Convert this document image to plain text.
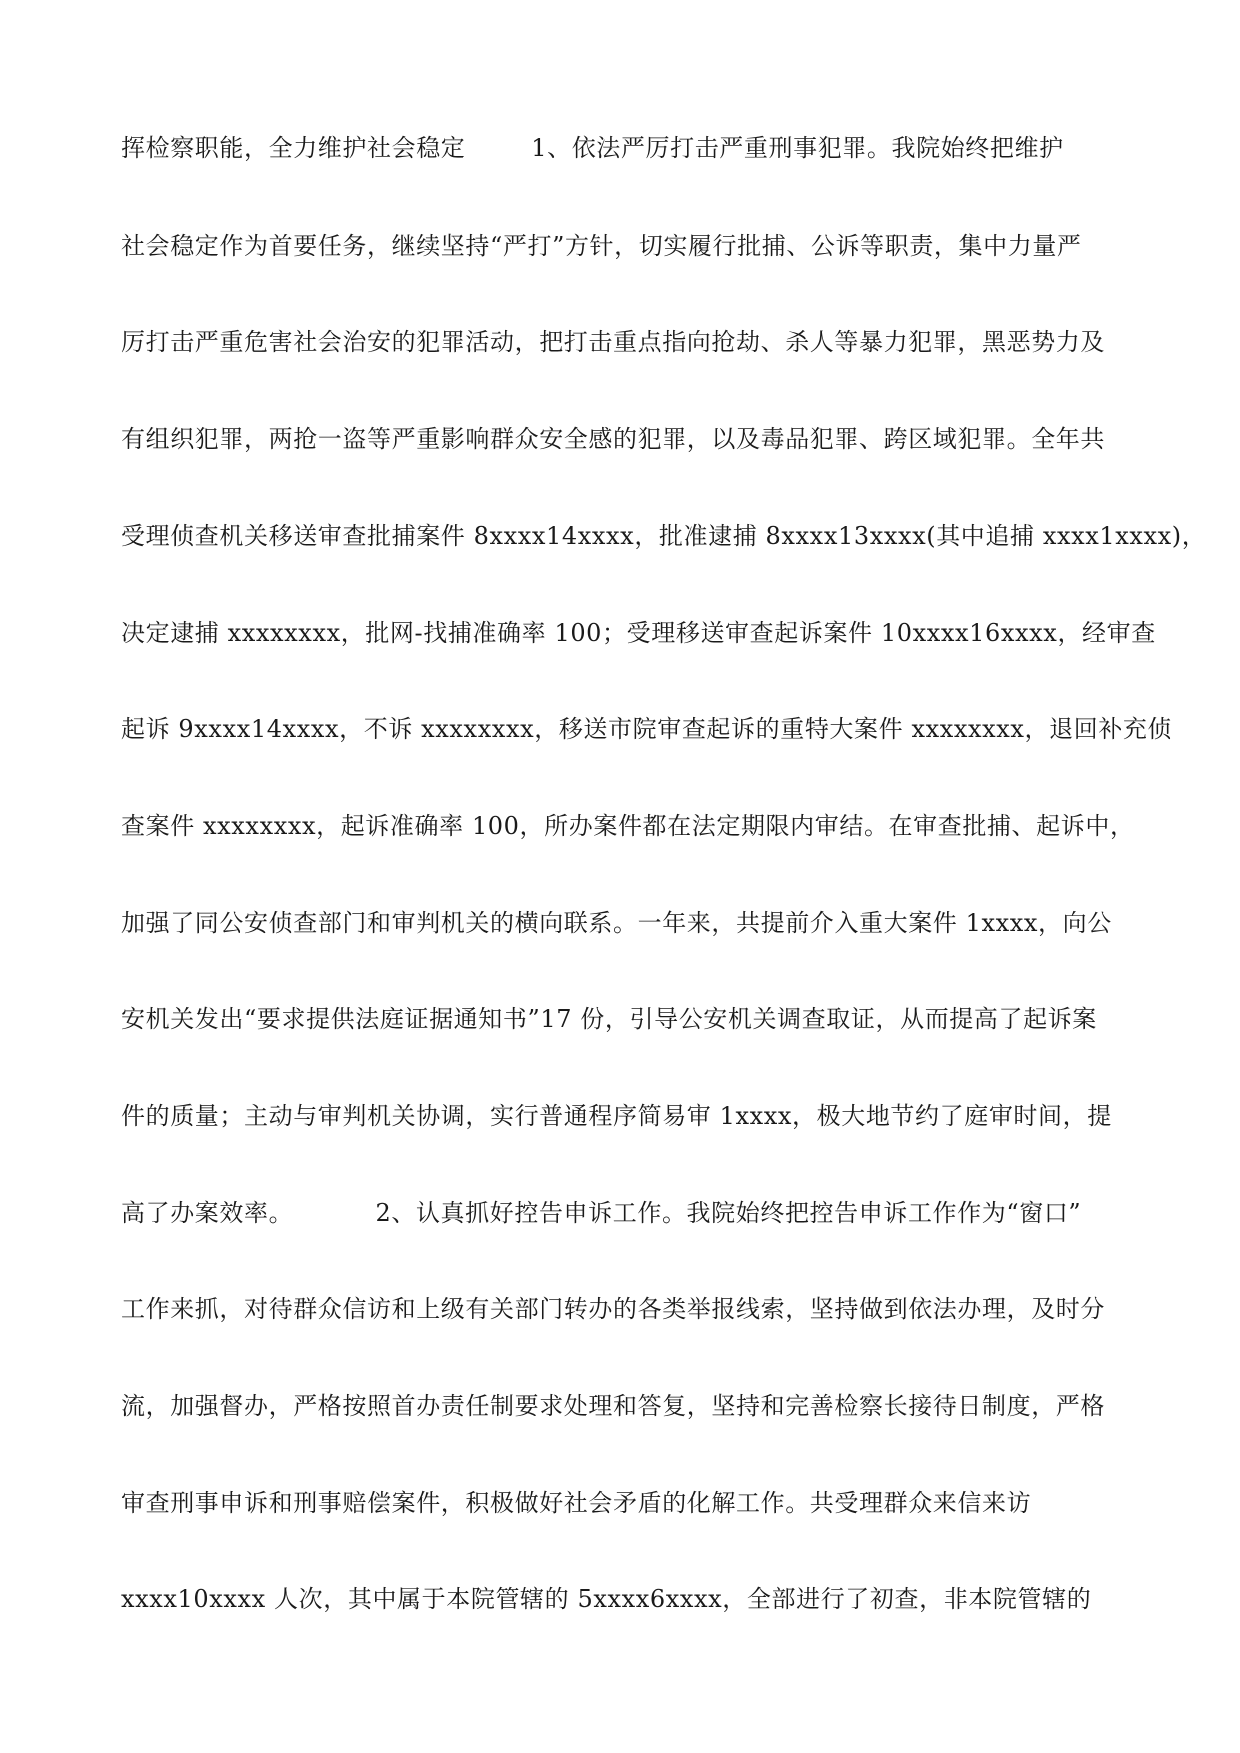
挥检察职能，全力维护社会稳定        1、依法严厉打击严重刑事犯罪。我院始终把维护
社会稳定作为首要任务，继续坚持“严打”方针，切实履行批捕、公诉等职责，集中力量严
厉打击严重危害社会治安的犯罪活动，把打击重点指向抢劫、杀人等暴力犯罪，黑恶势力及
有组织犯罪，两抢一盗等严重影响群众安全感的犯罪，以及毒品犯罪、跨区域犯罪。全年共
受理侦查机关移送审查批捕案件 8xxxx14xxxx，批准逮捕 8xxxx13xxxx(其中追捕 xxxx1xxxx)，
决定逮捕 xxxxxxxx，批网-找捕准确率 100；受理移送审查起诉案件 10xxxx16xxxx，经审查
起诉 9xxxx14xxxx，不诉 xxxxxxxx，移送市院审查起诉的重特大案件 xxxxxxxx，退回补充侦
查案件 xxxxxxxx，起诉准确率 100，所办案件都在法定期限内审结。在审查批捕、起诉中，
加强了同公安侦查部门和审判机关的横向联系。一年来，共提前介入重大案件 1xxxx，向公
安机关发出“要求提供法庭证据通知书”17 份，引导公安机关调查取证，从而提高了起诉案
件的质量；主动与审判机关协调，实行普通程序简易审 1xxxx，极大地节约了庭审时间，提
高了办案效率。          2、认真抓好控告申诉工作。我院始终把控告申诉工作作为“窗口”
工作来抓，对待群众信访和上级有关部门转办的各类举报线索，坚持做到依法办理，及时分
流，加强督办，严格按照首办责任制要求处理和答复，坚持和完善检察长接待日制度，严格
审查刑事申诉和刑事赔偿案件，积极做好社会矛盾的化解工作。共受理群众来信来访
xxxx10xxxx 人次，其中属于本院管辖的 5xxxx6xxxx，全部进行了初查，非本院管辖的
